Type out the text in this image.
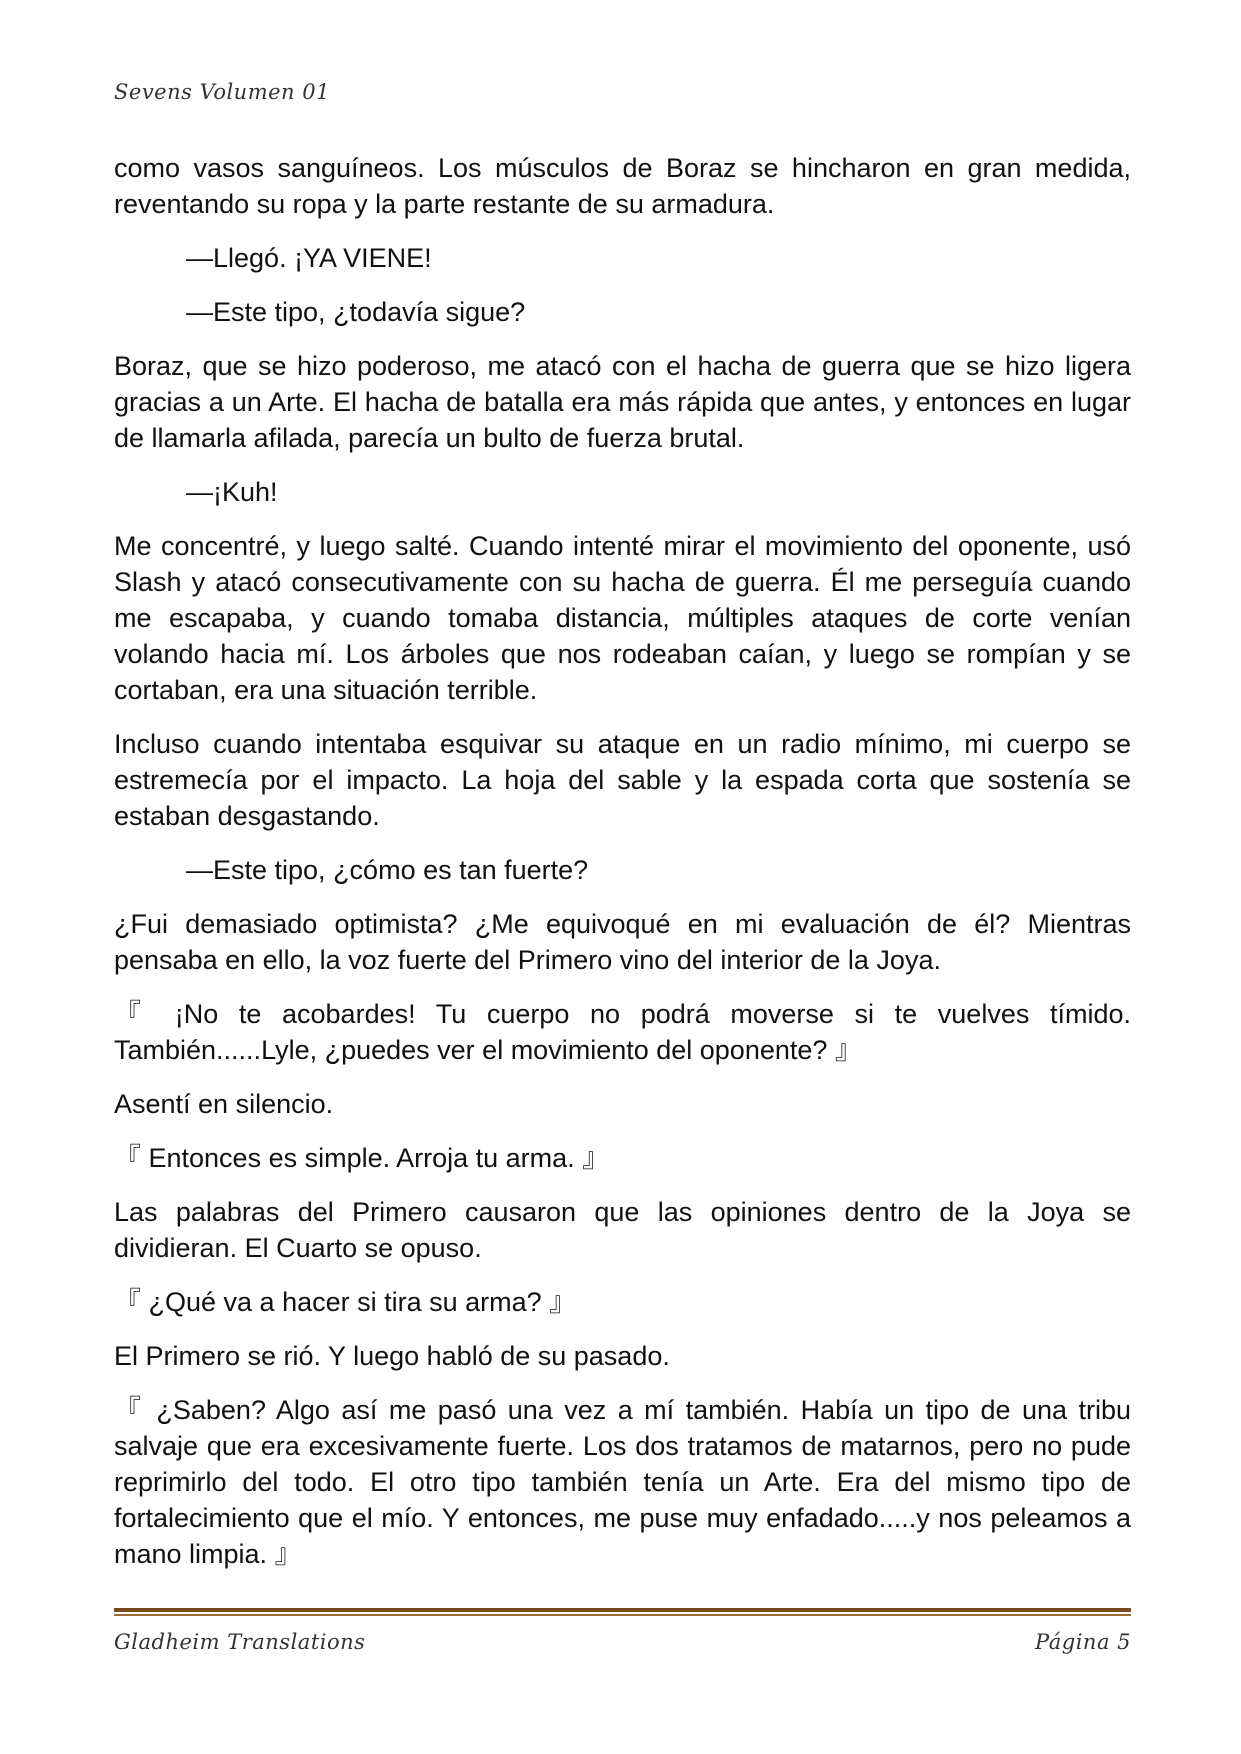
Sevens Volumen 01

como vasos sanguíneos. Los músculos de Boraz se hincharon en gran medida, reventando su ropa y la parte restante de su armadura.

—Llegó. ¡YA VIENE!

—Este tipo, ¿todavía sigue?

Boraz, que se hizo poderoso, me atacó con el hacha de guerra que se hizo ligera gracias a un Arte. El hacha de batalla era más rápida que antes, y entonces en lugar de llamarla afilada, parecía un bulto de fuerza brutal.

—¡Kuh!

Me concentré, y luego salté. Cuando intenté mirar el movimiento del oponente, usó Slash y atacó consecutivamente con su hacha de guerra. Él me perseguía cuando me escapaba, y cuando tomaba distancia, múltiples ataques de corte venían volando hacia mí. Los árboles que nos rodeaban caían, y luego se rompían y se cortaban, era una situación terrible.

Incluso cuando intentaba esquivar su ataque en un radio mínimo, mi cuerpo se estremecía por el impacto. La hoja del sable y la espada corta que sostenía se estaban desgastando.

—Este tipo, ¿cómo es tan fuerte?

¿Fui demasiado optimista? ¿Me equivoqué en mi evaluación de él? Mientras pensaba en ello, la voz fuerte del Primero vino del interior de la Joya.

『 ¡No te acobardes! Tu cuerpo no podrá moverse si te vuelves tímido. También......Lyle, ¿puedes ver el movimiento del oponente? 』

Asentí en silencio.

『 Entonces es simple. Arroja tu arma. 』

Las palabras del Primero causaron que las opiniones dentro de la Joya se dividieran. El Cuarto se opuso.

『 ¿Qué va a hacer si tira su arma? 』

El Primero se rió. Y luego habló de su pasado.

『 ¿Saben? Algo así me pasó una vez a mí también. Había un tipo de una tribu salvaje que era excesivamente fuerte. Los dos tratamos de matarnos, pero no pude reprimirlo del todo. El otro tipo también tenía un Arte. Era del mismo tipo de fortalecimiento que el mío. Y entonces, me puse muy enfadado.....y nos peleamos a mano limpia. 』

Gladheim Translations	Página 5
